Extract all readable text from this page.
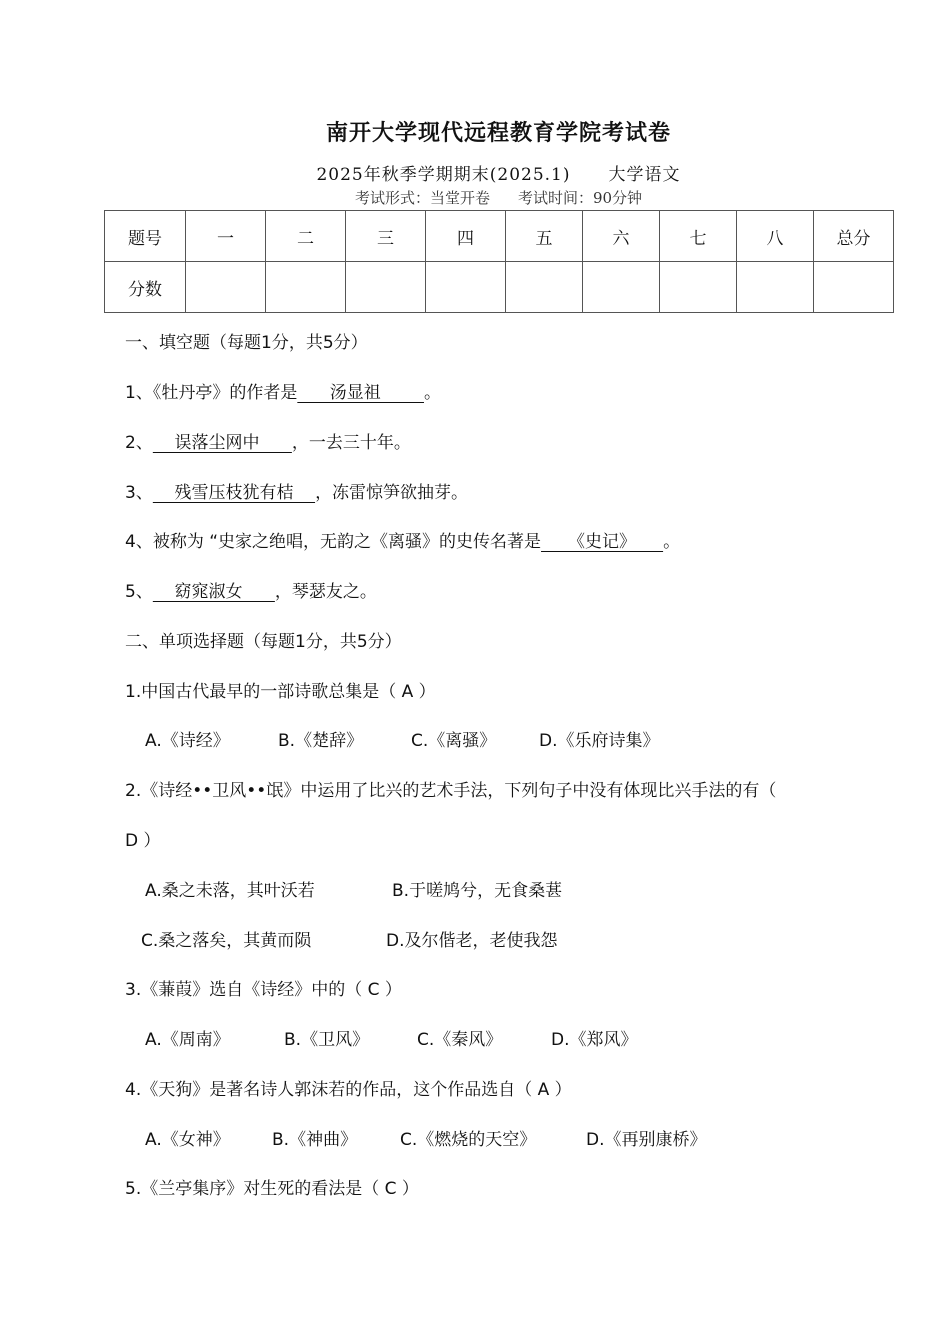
南开大学现代远程教育学院考试卷
2025年秋季学期期末(2025.1) 大学语文
考试形式：当堂开卷 考试时间：90分钟
题号	一	二	三	四	五	六	七	八	总分
分数									
一、填空题（每题1分，共5分）
1、《牡丹亭》的作者是      汤显祖        。
2、    误落尘网中      ，一去三十年。
3、    残雪压枝犹有桔    ，冻雷惊笋欲抽芽。
4、被称为 “史家之绝唱，无韵之《离骚》的史传名著是     《史记》     。
5、    窈窕淑女      ，琴瑟友之。
二、单项选择题（每题1分，共5分）
1.中国古代最早的一部诗歌总集是（ A ）
A.《诗经》	B.《楚辞》	C.《离骚》	D.《乐府诗集》
2.《诗经••卫风••氓》中运用了比兴的艺术手法，下列句子中没有体现比兴手法的有（
D ）
A.桑之未落，其叶沃若	B.于嗟鸠兮，无食桑葚
C.桑之落矣，其黄而陨	D.及尔偕老，老使我怨
3.《蒹葭》选自《诗经》中的（ C ）
A.《周南》	B.《卫风》	C.《秦风》	D.《郑风》
4.《天狗》是著名诗人郭沫若的作品，这个作品选自（ A ）
A.《女神》 B.《神曲》	C.《燃烧的天空》	D.《再别康桥》
5.《兰亭集序》对生死的看法是（ C ）
